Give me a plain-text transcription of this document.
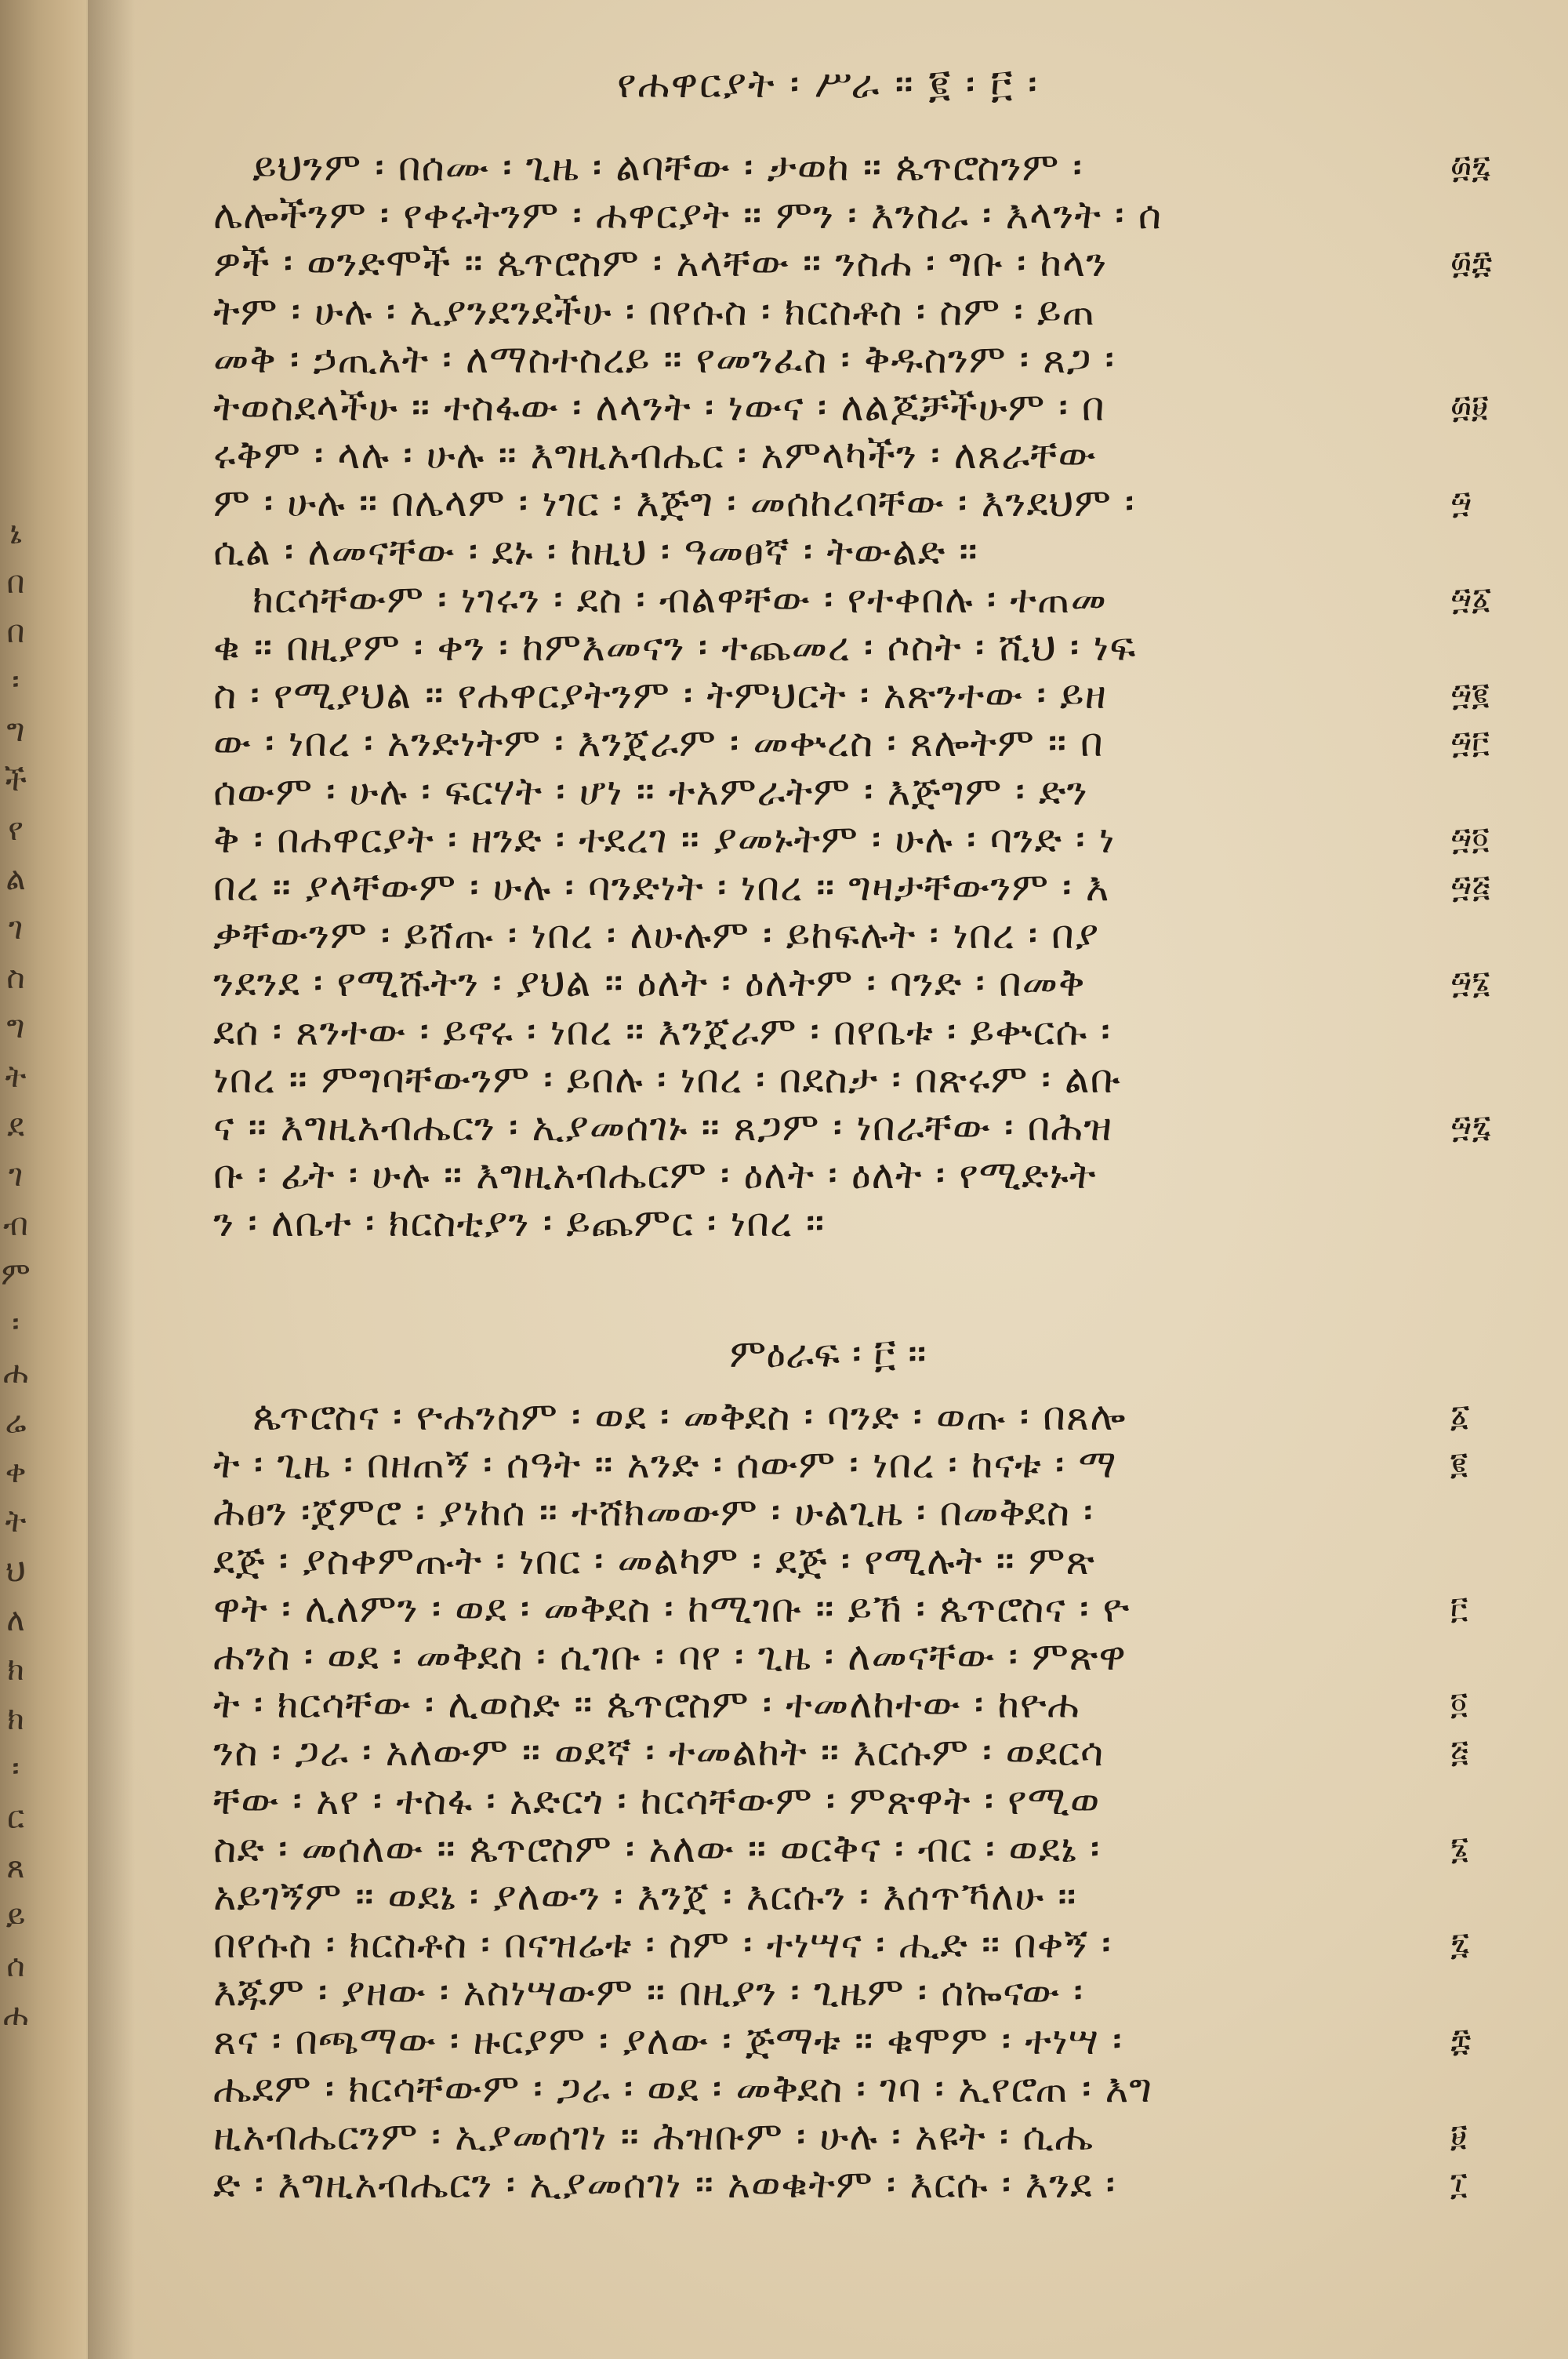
ኔ
በ
በ
፡
ግ
ች
የ
ል
ገ
ስ
ግ
ት
ደ
ገ
ብ
ም
፡
ሐ
ሬ
ቀ
ት
ህ
ለ
ክ
ክ
፡
ር
ጸ
ይ
ሰ
ሐ
የሐዋርያት ፡ ሥራ ። ፪ ፡ ፫ ፡
ይህንም ፡ በሰሙ ፡ ጊዜ ፡ ልባቸው ፡ ታወከ ። ጴጥሮስንም ፡
ሌሎችንም ፡ የቀሩትንም ፡ ሐዋርያት ። ምን ፡ እንስራ ፡ እላንት ፡ ሰ
ዎች ፡ ወንድሞች ። ጴጥሮስም ፡ አላቸው ። ንስሐ ፡ ግቡ ፡ ከላን
ትም ፡ ሁሉ ፡ ኢያንደንደችሁ ፡ በየሱስ ፡ ክርስቶስ ፡ ስም ፡ ይጠ
መቅ ፡ ኃጢአት ፡ ለማስተስረይ ። የመንፈስ ፡ ቅዱስንም ፡ ጸጋ ፡
ትወስደላችሁ ። ተስፋው ፡ ለላንት ፡ ነውና ፡ ለልጆቻችሁም ፡ በ
ሩቅም ፡ ላሉ ፡ ሁሉ ። እግዚአብሔር ፡ አምላካችን ፡ ለጸራቸው
ም ፡ ሁሉ ። በሌላም ፡ ነገር ፡ እጅግ ፡ መሰከረባቸው ፡ እንደህም ፡
ሲል ፡ ለመናቸው ፡ ደኑ ፡ ከዚህ ፡ ዓመፀኛ ፡ ትውልድ ።
ክርሳቸውም ፡ ነገሩን ፡ ደስ ፡ ብልዋቸው ፡ የተቀበሉ ፡ ተጠመ
ቁ ። በዚያም ፡ ቀን ፡ ከምእመናን ፡ ተጨመረ ፡ ሶስት ፡ ሺህ ፡ ነፍ
ስ ፡ የሚያህል ። የሐዋርያትንም ፡ ትምህርት ፡ አጽንተው ፡ ይዘ
ው ፡ ነበረ ፡ አንድነትም ፡ እንጀራም ፡ መቍረስ ፡ ጸሎትም ። በ
ሰውም ፡ ሁሉ ፡ ፍርሃት ፡ ሆነ ። ተአምራትም ፡ እጅግም ፡ ድን
ቅ ፡ በሐዋርያት ፡ ዘንድ ፡ ተደረገ ። ያመኑትም ፡ ሁሉ ፡ ባንድ ፡ ነ
በረ ። ያላቸውም ፡ ሁሉ ፡ ባንድነት ፡ ነበረ ። ግዛታቸውንም ፡ እ
ቃቸውንም ፡ ይሸጡ ፡ ነበረ ፡ ለሁሉም ፡ ይከፍሉት ፡ ነበረ ፡ በያ
ንደንደ ፡ የሚሹትን ፡ ያህል ። ዕለት ፡ ዕለትም ፡ ባንድ ፡ በመቅ
ደሰ ፡ ጸንተው ፡ ይኖሩ ፡ ነበረ ። እንጀራም ፡ በየቤቱ ፡ ይቍርሱ ፡
ነበረ ። ምግባቸውንም ፡ ይበሉ ፡ ነበረ ፡ በደስታ ፡ በጽሩም ፡ ልቡ
ና ። እግዚአብሔርን ፡ ኢያመሰገኑ ። ጸጋም ፡ ነበራቸው ፡ በሕዝ
ቡ ፡ ፊት ፡ ሁሉ ። እግዚአብሔርም ፡ ዕለት ፡ ዕለት ፡ የሚድኑት
ን ፡ ለቤተ ፡ ክርስቲያን ፡ ይጨምር ፡ ነበረ ።
ጴጥሮስና ፡ ዮሐንስም ፡ ወደ ፡ መቅደስ ፡ ባንድ ፡ ወጡ ፡ በጸሎ
ት ፡ ጊዜ ፡ በዘጠኝ ፡ ሰዓት ። አንድ ፡ ሰውም ፡ ነበረ ፡ ከናቱ ፡ ማ
ሕፀን ፡ጀምሮ ፡ ያነከሰ ። ተሸክመውም ፡ ሁልጊዜ ፡ በመቅደስ ፡
ደጅ ፡ ያስቀምጡት ፡ ነበር ፡ መልካም ፡ ደጅ ፡ የሚሉት ። ምጽ
ዋት ፡ ሊለምን ፡ ወደ ፡ መቅደስ ፡ ከሚገቡ ። ይኸ ፡ ጴጥሮስና ፡ ዮ
ሐንስ ፡ ወደ ፡ መቅደስ ፡ ሲገቡ ፡ ባየ ፡ ጊዜ ፡ ለመናቸው ፡ ምጽዋ
ት ፡ ክርሳቸው ፡ ሊወስድ ። ጴጥሮስም ፡ ተመለከተው ፡ ከዮሐ
ንስ ፡ ጋራ ፡ አለውም ። ወደኛ ፡ ተመልከት ። እርሱም ፡ ወደርሳ
ቸው ፡ አየ ፡ ተስፋ ፡ አድርጎ ፡ ከርሳቸውም ፡ ምጽዋት ፡ የሚወ
ስድ ፡ መሰለው ። ጴጥሮስም ፡ አለው ። ወርቅና ፡ ብር ፡ ወደኔ ፡
አይገኝም ። ወደኔ ፡ ያለውን ፡ እንጀ ፡ እርሱን ፡ እሰጥኻለሁ ።
በየሱስ ፡ ክርስቶስ ፡ በናዝሬቱ ፡ ስም ፡ ተነሣና ፡ ሒድ ። በቀኝ ፡
እጁም ፡ ያዘው ፡ አስነሣውም ። በዚያን ፡ ጊዜም ፡ ሰኰናው ፡
ጸና ፡ በጫማው ፡ ዙርያም ፡ ያለው ፡ ጅማቱ ። ቁሞም ፡ ተነሣ ፡
ሔደም ፡ ክርሳቸውም ፡ ጋራ ፡ ወደ ፡ መቅደስ ፡ ገባ ፡ ኢየሮጠ ፡ እግ
ዚአብሔርንም ፡ ኢያመሰገነ ። ሕዝቡም ፡ ሁሉ ፡ አዩት ፡ ሲሔ
ድ ፡ እግዚአብሔርን ፡ ኢያመሰገነ ። አወቁትም ፡ እርሱ ፡ እንደ ፡
ምዕራፍ ፡ ፫ ።
፴፯
፴፰
፴፱
፵
፵፩
፵፪
፵፫
፵፬
፵፭
፵፮
፵፯
፩
፪
፫
፬
፭
፮
፯
፰
፱
፲
